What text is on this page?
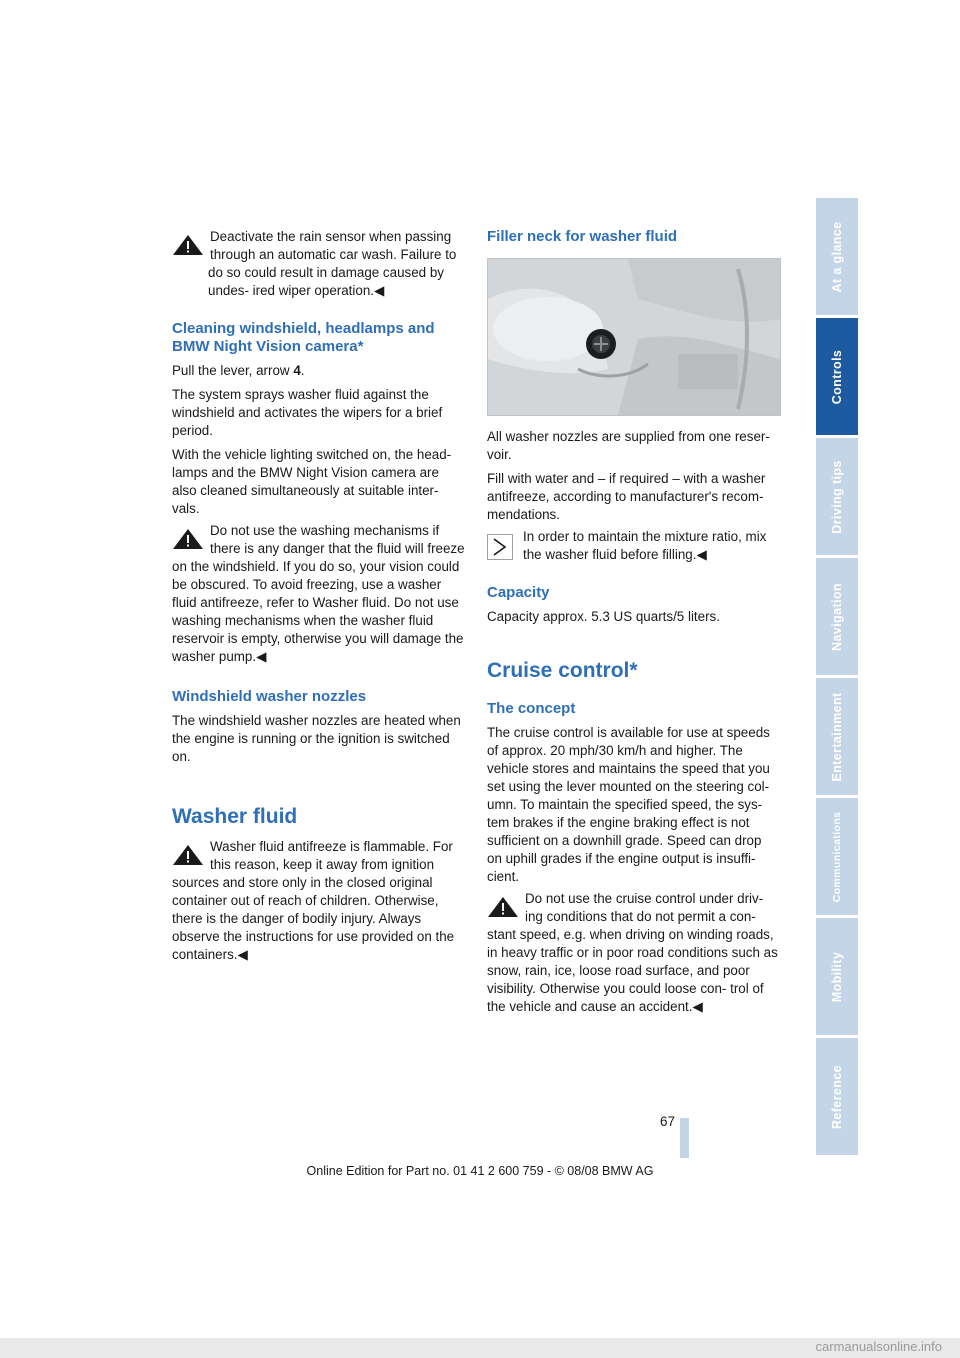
Deactivate the rain sensor when passing

through an automatic car wash. Failure to do so could result in damage caused by undes- ired wiper operation.◀

Cleaning windshield, headlamps and BMW Night Vision camera*

Pull the lever, arrow 4.

The system sprays washer fluid against the windshield and activates the wipers for a brief period.

With the vehicle lighting switched on, the head- lamps and the BMW Night Vision camera are also cleaned simultaneously at suitable inter- vals.

Do not use the washing mechanisms if there is any danger that the fluid will freeze on the windshield. If you do so, your vision could be obscured. To avoid freezing, use a washer fluid antifreeze, refer to Washer fluid. Do not use washing mechanisms when the washer fluid reservoir is empty, otherwise you will damage the washer pump.◀

Windshield washer nozzles

The windshield washer nozzles are heated when the engine is running or the ignition is switched on.

Washer fluid

Washer fluid antifreeze is flammable. For this reason, keep it away from ignition sources and store only in the closed original container out of reach of children. Otherwise, there is the danger of bodily injury. Always observe the instructions for use provided on the containers.◀

Filler neck for washer fluid

All washer nozzles are supplied from one reser- voir.

Fill with water and – if required – with a washer antifreeze, according to manufacturer's recom- mendations.

In order to maintain the mixture ratio, mix the washer fluid before filling.◀

Capacity

Capacity approx. 5.3 US quarts/5 liters.

Cruise control*
The concept

The cruise control is available for use at speeds of approx. 20 mph/30 km/h and higher. The vehicle stores and maintains the speed that you set using the lever mounted on the steering col- umn. To maintain the specified speed, the sys- tem brakes if the engine braking effect is not sufficient on a downhill grade. Speed can drop on uphill grades if the engine output is insuffi- cient.

Do not use the cruise control under driv- ing conditions that do not permit a con- stant speed, e.g. when driving on winding roads, in heavy traffic or in poor road conditions such as snow, rain, ice, loose road surface, and poor visibility. Otherwise you could loose con- trol of the vehicle and cause an accident.◀

At a glance
Controls
Driving tips
Navigation
Entertainment
Communications
Mobility
Reference
67
Online Edition for Part no. 01 41 2 600 759 - © 08/08 BMW AG
carmanualsonline.info
